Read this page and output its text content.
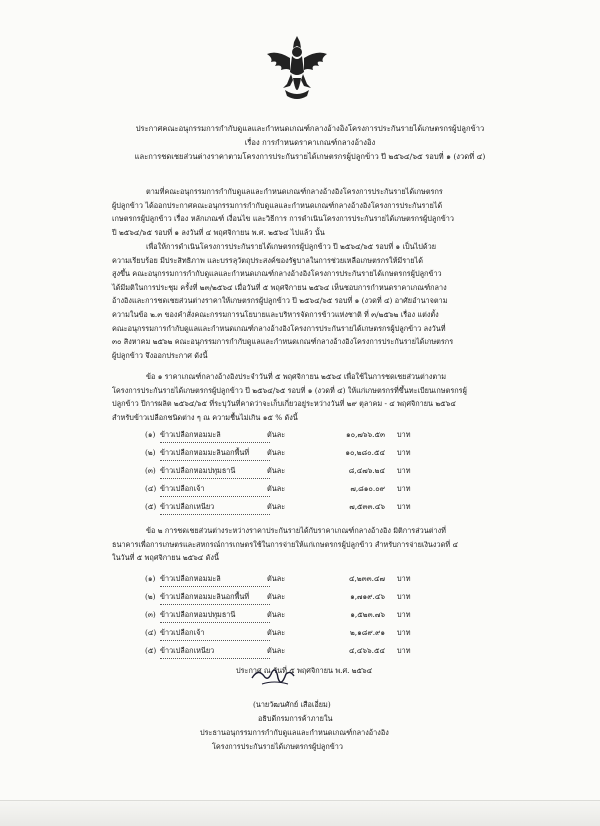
ประกาศคณะอนุกรรมการกำกับดูแลและกำหนดเกณฑ์กลางอ้างอิงโครงการประกันรายได้เกษตรกรผู้ปลูกข้าว
เรื่อง การกำหนดราคาเกณฑ์กลางอ้างอิง
และการชดเชยส่วนต่างราคาตามโครงการประกันรายได้เกษตรกรผู้ปลูกข้าว ปี ๒๕๖๔/๖๕ รอบที่ ๑ (งวดที่ ๔)
ตามที่คณะอนุกรรมการกำกับดูแลและกำหนดเกณฑ์กลางอ้างอิงโครงการประกันรายได้เกษตรกร
ผู้ปลูกข้าว ได้ออกประกาศคณะอนุกรรมการกำกับดูแลและกำหนดเกณฑ์กลางอ้างอิงโครงการประกันรายได้
เกษตรกรผู้ปลูกข้าว เรื่อง หลักเกณฑ์ เงื่อนไข และวิธีการ การดำเนินโครงการประกันรายได้เกษตรกรผู้ปลูกข้าว
ปี ๒๕๖๔/๖๕ รอบที่ ๑ ลงวันที่ ๔ พฤศจิกายน พ.ศ. ๒๕๖๔ ไปแล้ว นั้น
เพื่อให้การดำเนินโครงการประกันรายได้เกษตรกรผู้ปลูกข้าว ปี ๒๕๖๔/๖๕ รอบที่ ๑ เป็นไปด้วย
ความเรียบร้อย มีประสิทธิภาพ และบรรลุวัตถุประสงค์ของรัฐบาลในการช่วยเหลือเกษตรกรให้มีรายได้
สูงขึ้น คณะอนุกรรมการกำกับดูแลและกำหนดเกณฑ์กลางอ้างอิงโครงการประกันรายได้เกษตรกรผู้ปลูกข้าว
ได้มีมติในการประชุม ครั้งที่ ๒๓/๒๕๖๔ เมื่อวันที่ ๕ พฤศจิกายน ๒๕๖๔ เห็นชอบการกำหนดราคาเกณฑ์กลาง
อ้างอิงและการชดเชยส่วนต่างราคาให้เกษตรกรผู้ปลูกข้าว ปี ๒๕๖๔/๖๕ รอบที่ ๑ (งวดที่ ๔) อาศัยอำนาจตาม
ความในข้อ ๒.๓ ของคำสั่งคณะกรรมการนโยบายและบริหารจัดการข้าวแห่งชาติ ที่ ๓/๒๕๖๒ เรื่อง แต่งตั้ง
คณะอนุกรรมการกำกับดูแลและกำหนดเกณฑ์กลางอ้างอิงโครงการประกันรายได้เกษตรกรผู้ปลูกข้าว ลงวันที่
๓๐ สิงหาคม ๒๕๖๒ คณะอนุกรรมการกำกับดูแลและกำหนดเกณฑ์กลางอ้างอิงโครงการประกันรายได้เกษตรกร
ผู้ปลูกข้าว จึงออกประกาศ ดังนี้
ข้อ ๑ ราคาเกณฑ์กลางอ้างอิงประจำวันที่ ๕ พฤศจิกายน ๒๕๖๔ เพื่อใช้ในการชดเชยส่วนต่างตาม
โครงการประกันรายได้เกษตรกรผู้ปลูกข้าว ปี ๒๕๖๔/๖๕ รอบที่ ๑ (งวดที่ ๔) ให้แก่เกษตรกรที่ขึ้นทะเบียนเกษตรกรผู้
ปลูกข้าว ปีการผลิต ๒๕๖๔/๖๕ ที่ระบุวันที่คาดว่าจะเก็บเกี่ยวอยู่ระหว่างวันที่ ๒๙ ตุลาคม - ๔ พฤศจิกายน ๒๕๖๔
สำหรับข้าวเปลือกชนิดต่าง ๆ ณ ความชื้นไม่เกิน ๑๕ % ดังนี้
(๑) ข้าวเปลือกหอมมะลิ	ตันละ	๑๐,๗๖๖.๕๓ บาท
(๒) ข้าวเปลือกหอมมะลินอกพื้นที่	ตันละ	๑๐,๒๘๐.๕๔ บาท
(๓) ข้าวเปลือกหอมปทุมธานี	ตันละ	๘,๔๗๖.๒๔ บาท
(๔) ข้าวเปลือกเจ้า	ตันละ	๗,๘๑๐.๐๙ บาท
(๕) ข้าวเปลือกเหนียว	ตันละ	๗,๕๓๓.๔๖ บาท
ข้อ ๒ การชดเชยส่วนต่างระหว่างราคาประกันรายได้กับราคาเกณฑ์กลางอ้างอิง มิติการส่วนต่างที่
ธนาคารเพื่อการเกษตรและสหกรณ์การเกษตรใช้ในการจ่ายให้แก่เกษตรกรผู้ปลูกข้าว สำหรับการจ่ายเงินงวดที่ ๔
ในวันที่ ๕ พฤศจิกายน ๒๕๖๔ ดังนี้
(๑) ข้าวเปลือกหอมมะลิ	ตันละ	๔,๒๓๓.๔๗ บาท
(๒) ข้าวเปลือกหอมมะลินอกพื้นที่	ตันละ	๑,๗๑๙.๔๖ บาท
(๓) ข้าวเปลือกหอมปทุมธานี	ตันละ	๑,๕๒๓.๗๖ บาท
(๔) ข้าวเปลือกเจ้า	ตันละ	๒,๑๘๙.๙๑ บาท
(๕) ข้าวเปลือกเหนียว	ตันละ	๔,๔๖๖.๕๔ บาท
ประกาศ ณ วันที่ ๕ พฤศจิกายน พ.ศ. ๒๕๖๔
(นายวัฒนศักย์ เสือเอี่ยม)
อธิบดีกรมการค้าภายใน
ประธานอนุกรรมการกำกับดูแลและกำหนดเกณฑ์กลางอ้างอิง
โครงการประกันรายได้เกษตรกรผู้ปลูกข้าว
